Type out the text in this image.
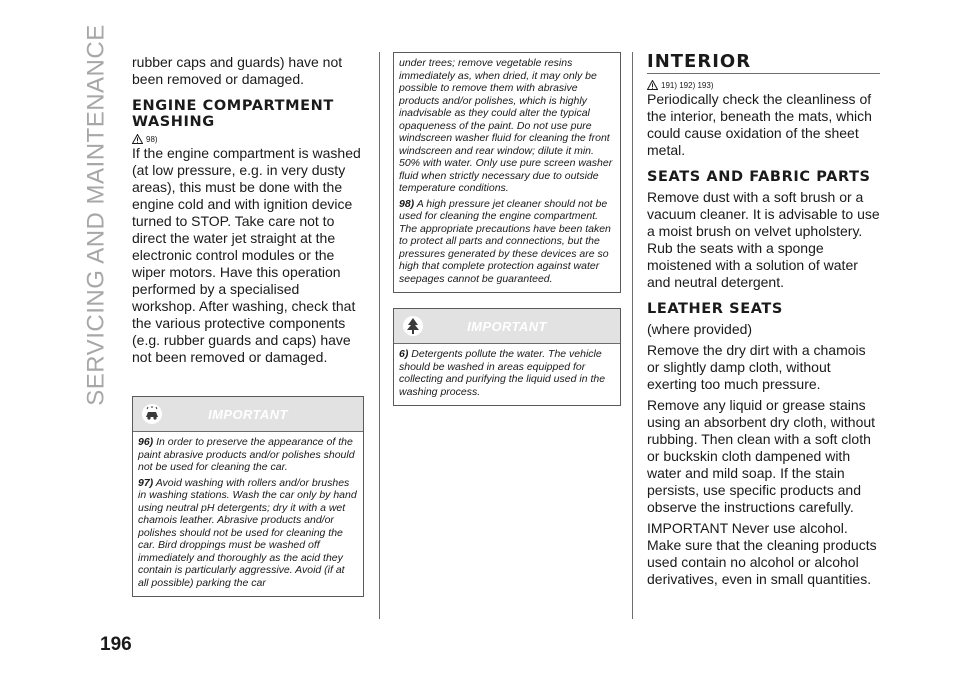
SERVICING AND MAINTENANCE
196

rubber caps and guards) have not been removed or damaged.

ENGINE COMPARTMENT WASHING
98)

If the engine compartment is washed (at low pressure, e.g. in very dusty areas), this must be done with the engine cold and with ignition device turned to STOP. Take care not to direct the water jet straight at the electronic control modules or the wiper motors. Have this operation performed by a specialised workshop. After washing, check that the various protective components (e.g. rubber guards and caps) have not been removed or damaged.

IMPORTANT

96) In order to preserve the appearance of the paint abrasive products and/or polishes should not be used for cleaning the car.

97) Avoid washing with rollers and/or brushes in washing stations. Wash the car only by hand using neutral pH detergents; dry it with a wet chamois leather. Abrasive products and/or polishes should not be used for cleaning the car. Bird droppings must be washed off immediately and thoroughly as the acid they contain is particularly aggressive. Avoid (if at all possible) parking the car

under trees; remove vegetable resins immediately as, when dried, it may only be possible to remove them with abrasive products and/or polishes, which is highly inadvisable as they could alter the typical opaqueness of the paint. Do not use pure windscreen washer fluid for cleaning the front windscreen and rear window; dilute it min. 50% with water. Only use pure screen washer fluid when strictly necessary due to outside temperature conditions.

98) A high pressure jet cleaner should not be used for cleaning the engine compartment. The appropriate precautions have been taken to protect all parts and connections, but the pressures generated by these devices are so high that complete protection against water seepages cannot be guaranteed.

IMPORTANT

6) Detergents pollute the water. The vehicle should be washed in areas equipped for collecting and purifying the liquid used in the washing process.

INTERIOR
191) 192) 193)

Periodically check the cleanliness of the interior, beneath the mats, which could cause oxidation of the sheet metal.

SEATS AND FABRIC PARTS

Remove dust with a soft brush or a vacuum cleaner. It is advisable to use a moist brush on velvet upholstery. Rub the seats with a sponge moistened with a solution of water and neutral detergent.

LEATHER SEATS

(where provided)

Remove the dry dirt with a chamois or slightly damp cloth, without exerting too much pressure.

Remove any liquid or grease stains using an absorbent dry cloth, without rubbing. Then clean with a soft cloth or buckskin cloth dampened with water and mild soap. If the stain persists, use specific products and observe the instructions carefully.

IMPORTANT Never use alcohol.

Make sure that the cleaning products used contain no alcohol or alcohol derivatives, even in small quantities.
